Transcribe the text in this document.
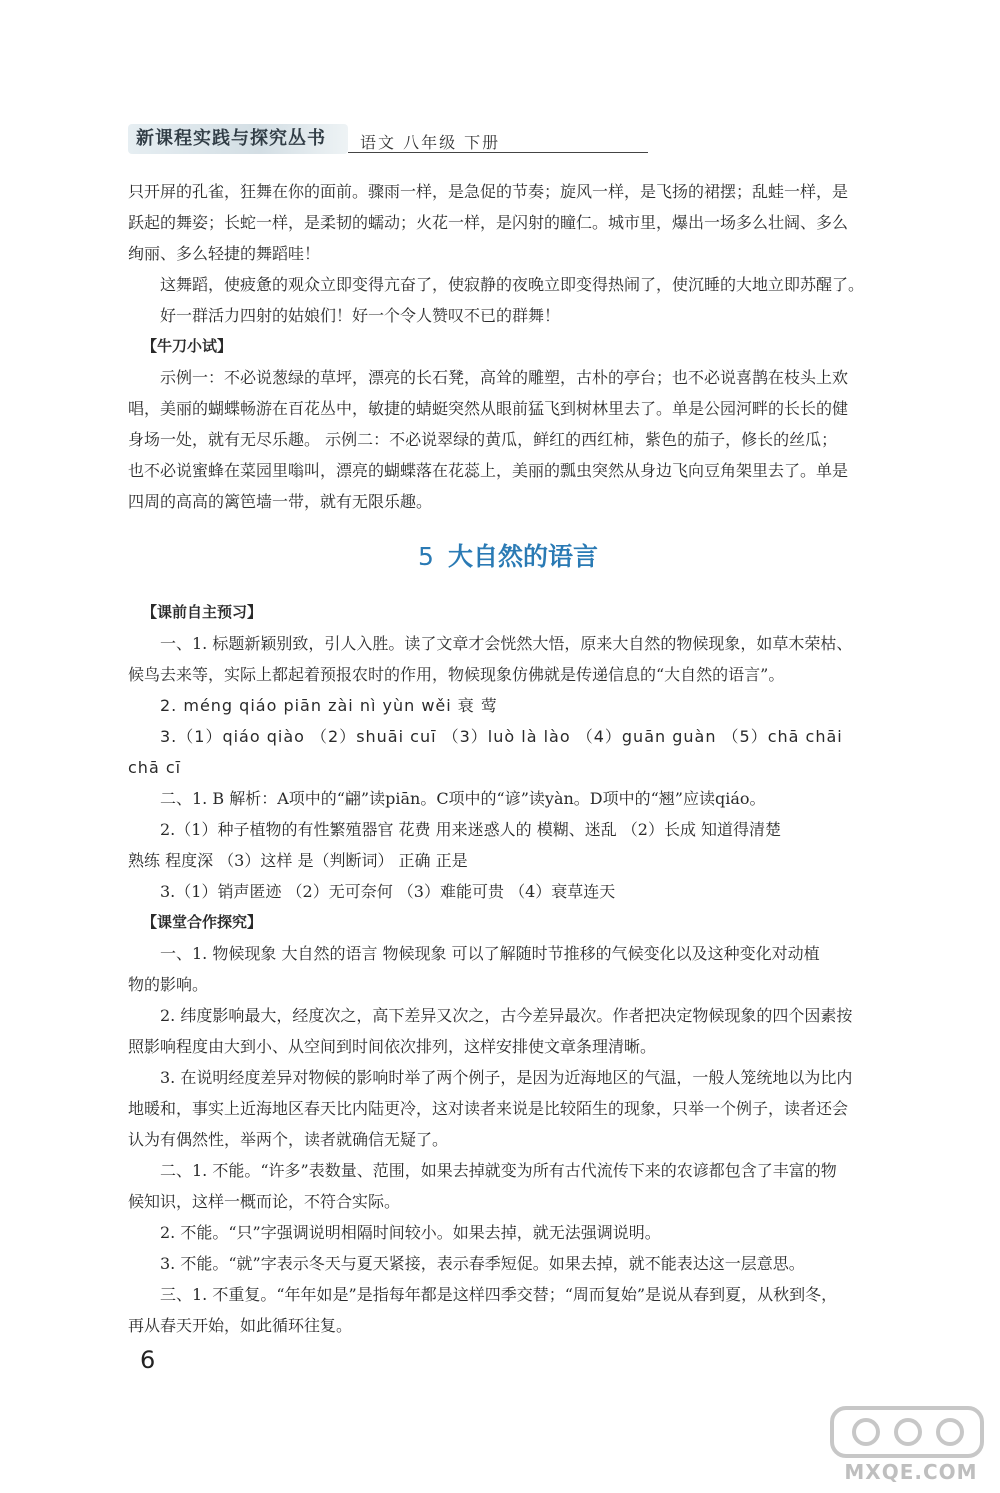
新课程实践与探究丛书	语文 八年级 下册
只开屏的孔雀，狂舞在你的面前。骤雨一样，是急促的节奏；旋风一样，是飞扬的裙摆；乱蛙一样，是
跃起的舞姿；长蛇一样，是柔韧的蠕动；火花一样，是闪射的瞳仁。城市里，爆出一场多么壮阔、多么
绚丽、多么轻捷的舞蹈哇！
这舞蹈，使疲惫的观众立即变得亢奋了，使寂静的夜晚立即变得热闹了，使沉睡的大地立即苏醒了。
好一群活力四射的姑娘们！好一个令人赞叹不已的群舞！
【牛刀小试】
示例一：不必说葱绿的草坪，漂亮的长石凳，高耸的雕塑，古朴的亭台；也不必说喜鹊在枝头上欢
唱，美丽的蝴蝶畅游在百花丛中，敏捷的蜻蜓突然从眼前猛飞到树林里去了。单是公园河畔的长长的健
身场一处，就有无尽乐趣。 示例二：不必说翠绿的黄瓜，鲜红的西红柿，紫色的茄子，修长的丝瓜；
也不必说蜜蜂在菜园里嗡叫，漂亮的蝴蝶落在花蕊上，美丽的瓢虫突然从身边飞向豆角架里去了。单是
四周的高高的篱笆墙一带，就有无限乐趣。
5 大自然的语言
【课前自主预习】
一、1. 标题新颖别致，引人入胜。读了文章才会恍然大悟，原来大自然的物候现象，如草木荣枯、
候鸟去来等，实际上都起着预报农时的作用，物候现象仿佛就是传递信息的“大自然的语言”。
2. méng qiáo piān zài nì yùn wěi 衰 莺
3.（1）qiáo qiào （2）shuāi cuī （3）luò là lào （4）guān guàn （5）chā chāi
chā cī
二、1. B 解析：A项中的“翩”读piān。C项中的“谚”读yàn。D项中的“翘”应读qiáo。
2.（1）种子植物的有性繁殖器官 花费 用来迷惑人的 模糊、迷乱 （2）长成 知道得清楚
熟练 程度深 （3）这样 是（判断词） 正确 正是
3.（1）销声匿迹 （2）无可奈何 （3）难能可贵 （4）衰草连天
【课堂合作探究】
一、1. 物候现象 大自然的语言 物候现象 可以了解随时节推移的气候变化以及这种变化对动植
物的影响。
2. 纬度影响最大，经度次之，高下差异又次之，古今差异最次。作者把决定物候现象的四个因素按
照影响程度由大到小、从空间到时间依次排列，这样安排使文章条理清晰。
3. 在说明经度差异对物候的影响时举了两个例子，是因为近海地区的气温，一般人笼统地以为比内
地暖和，事实上近海地区春天比内陆更冷，这对读者来说是比较陌生的现象，只举一个例子，读者还会
认为有偶然性，举两个，读者就确信无疑了。
二、1. 不能。“许多”表数量、范围，如果去掉就变为所有古代流传下来的农谚都包含了丰富的物
候知识，这样一概而论，不符合实际。
2. 不能。“只”字强调说明相隔时间较小。如果去掉，就无法强调说明。
3. 不能。“就”字表示冬天与夏天紧接，表示春季短促。如果去掉，就不能表达这一层意思。
三、1. 不重复。“年年如是”是指每年都是这样四季交替；“周而复始”是说从春到夏，从秋到冬，
再从春天开始，如此循环往复。
6
MXQE.COM
